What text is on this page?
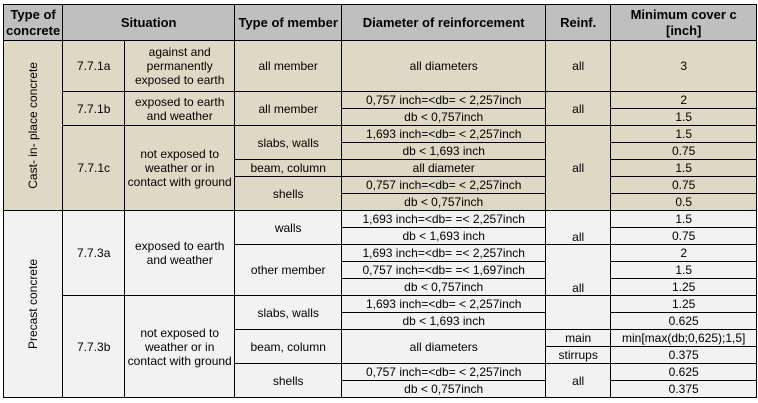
Type of concrete	Situation		Type of member	Diameter of reinforcement	Reinf.	Minimum cover c
[inch]

Cast- in- place concrete	7.7.1a	against and permanently exposed to earth	all member	all diameters	all	3
	7.7.1b	exposed to earth and weather	all member	0,757 inch=<db= < 2,257inch	all	2
				db < 0,757inch		1.5
	7.7.1c	not exposed to weather or in contact with ground	slabs, walls	1,693 inch=<db= < 2,257inch	all	1.5
				db < 1,693 inch		0.75
			beam, column	all diameter		1.5
			shells	0,757 inch=<db= < 2,257inch		0.75
				db < 0,757inch		0.5

Precast concrete	7.7.3a	exposed to earth and weather	walls	1,693 inch=<db= =< 2,257inch	all	1.5
				db < 1,693 inch		0.75
			other member	1,693 inch=<db= =< 2,257inch	all	2
				0,757 inch=<db= =< 1,697inch		1.5
				db < 0,757inch		1.25
	7.7.3b	not exposed to weather or in contact with ground	slabs, walls	1,693 inch=<db= < 2,257inch		1.25
				db < 1,693 inch		0.625
			beam, column	all diameters	main	min[max(db;0,625);1,5]
					stirrups	0.375
			shells	0,757 inch=<db= < 2,257inch	all	0.625
				db < 0,757inch		0.375
